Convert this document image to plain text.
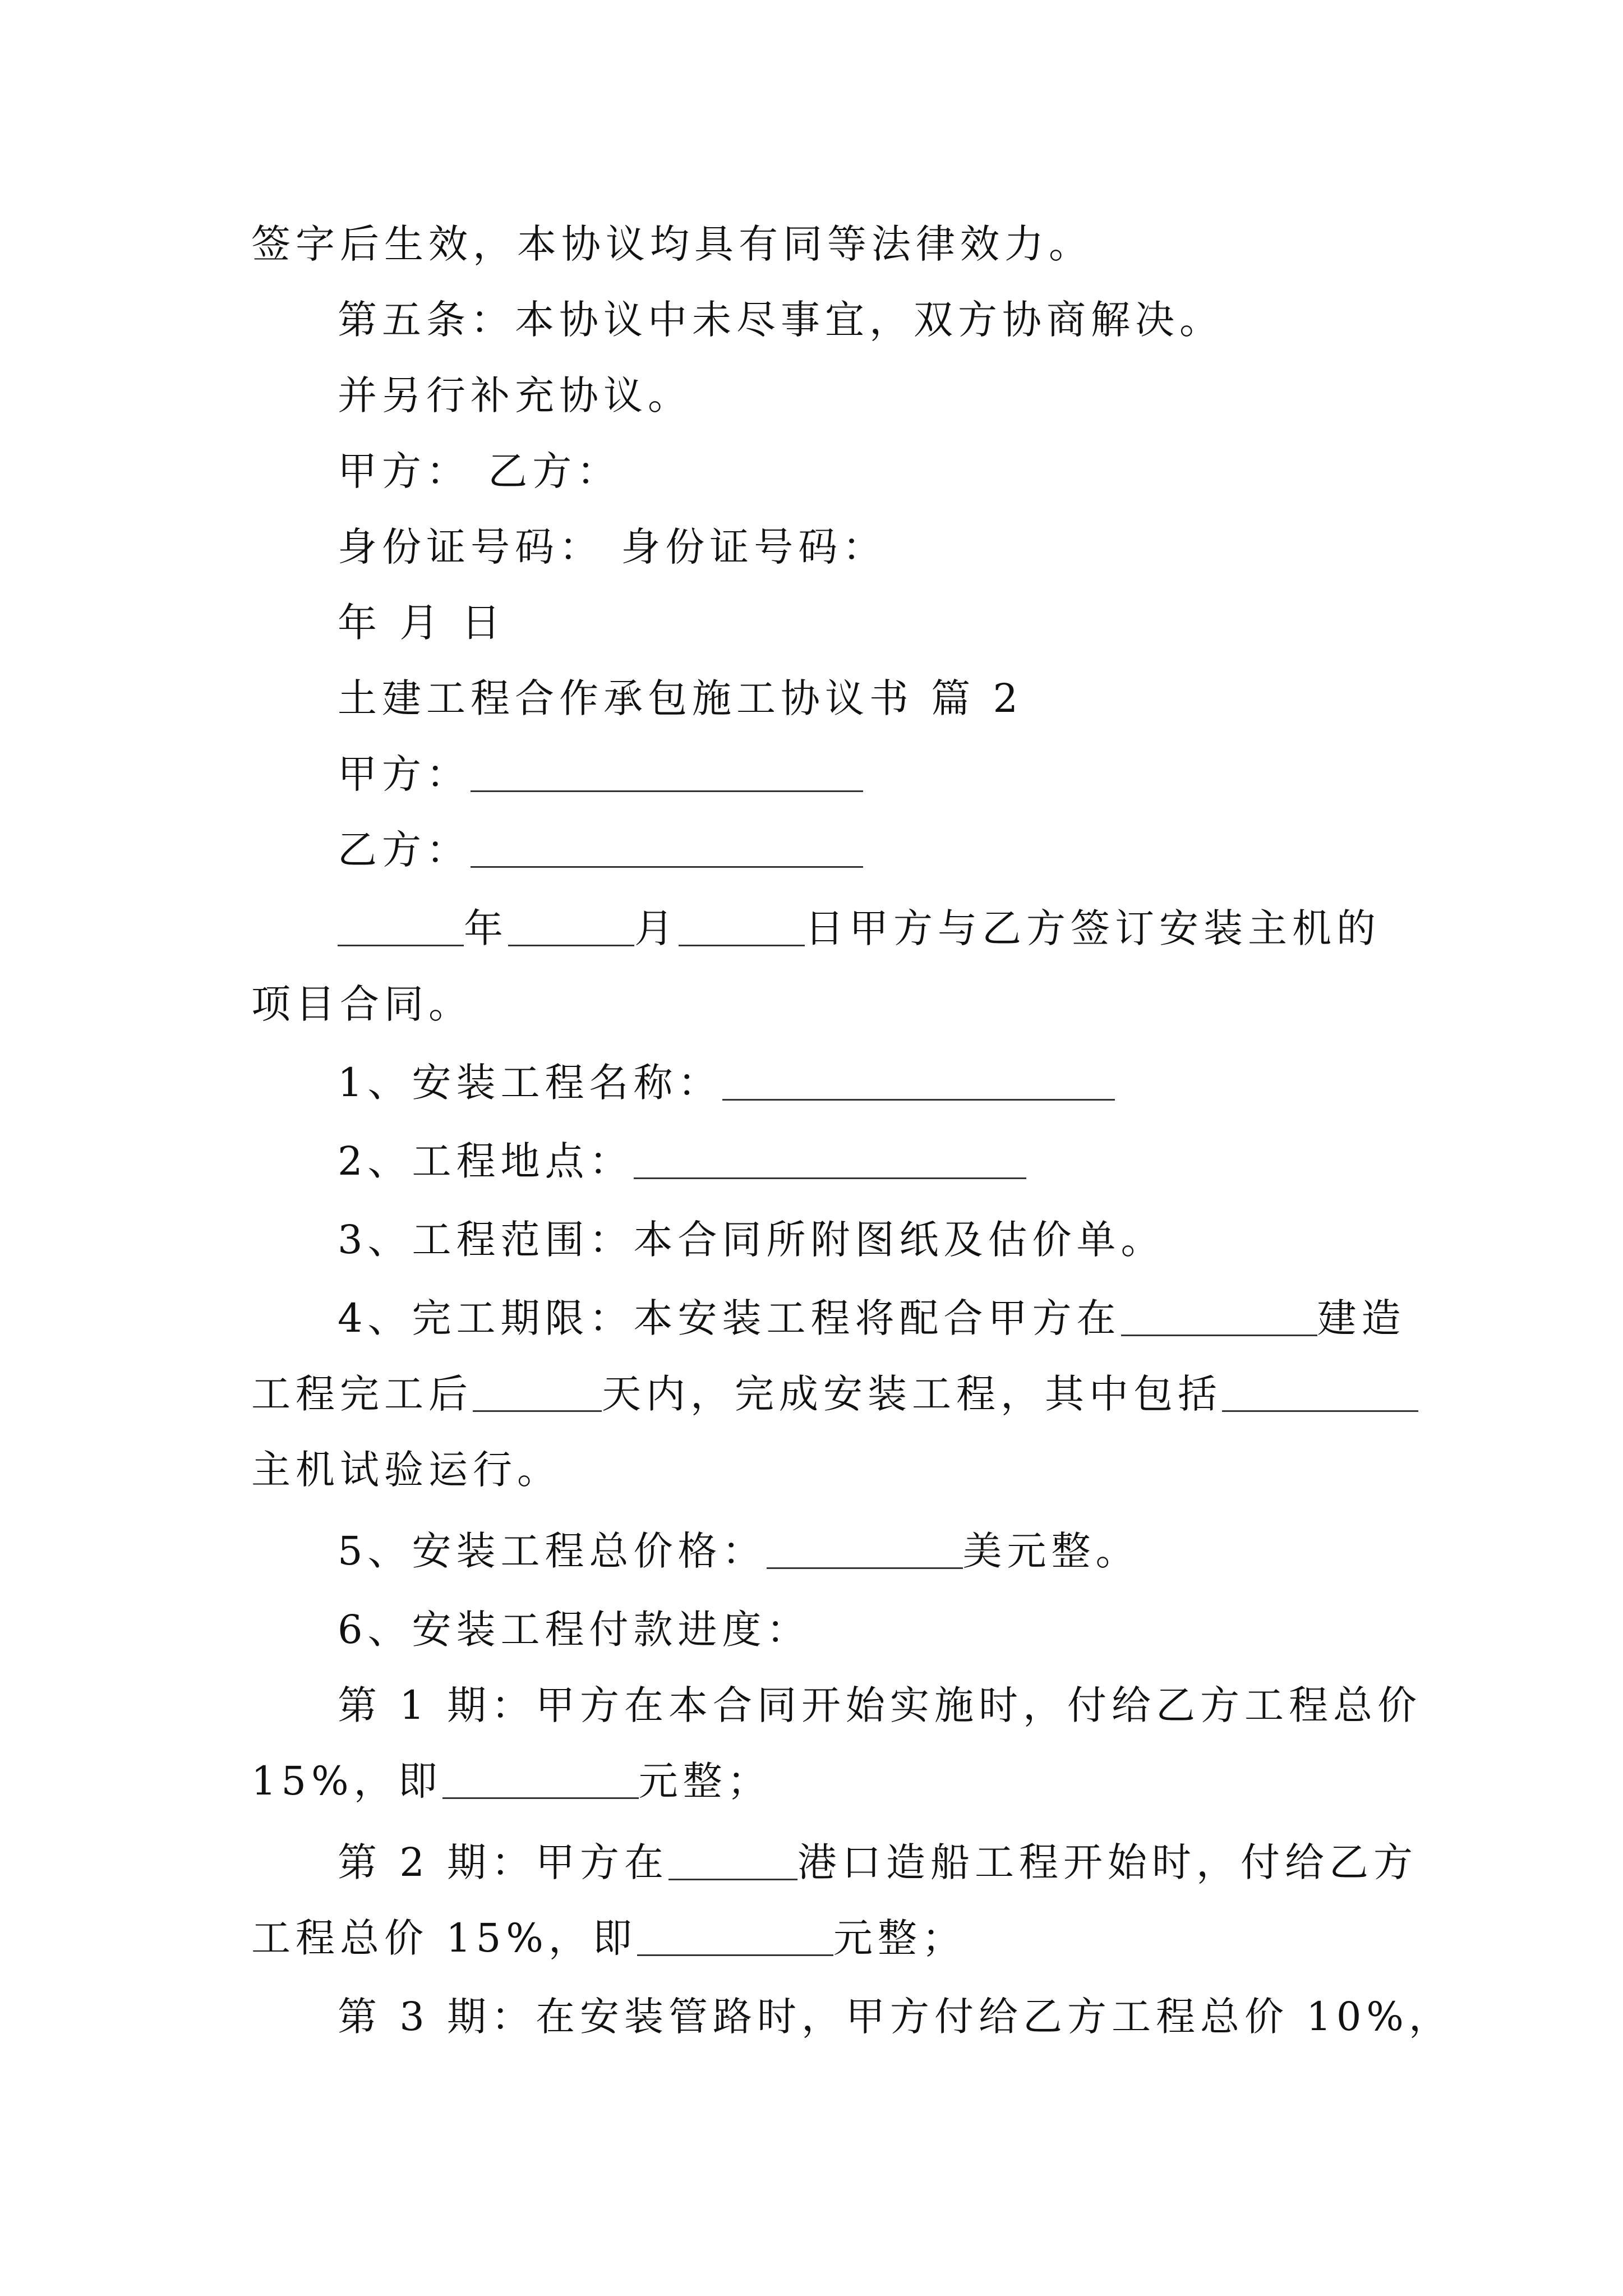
签字后生效，本协议均具有同等法律效力。
第五条：本协议中未尽事宜，双方协商解决。
并另行补充协议。
甲方： 乙方：
身份证号码： 身份证号码：
年 月 日
土建工程合作承包施工协议书 篇 2
甲方：
乙方：
年	月	日甲方与乙方签订安装主机的
项目合同。
1、安装工程名称：
2、工程地点：
3、工程范围：本合同所附图纸及估价单。
4、完工期限：本安装工程将配合甲方在	建造
工程完工后	天内，完成安装工程，其中包括
主机试验运行。
5、安装工程总价格：	美元整。
6、安装工程付款进度：
第 1 期：甲方在本合同开始实施时，付给乙方工程总价
15%，即	元整；
第 2 期：甲方在	港口造船工程开始时，付给乙方
工程总价 15%，即	元整；
第 3 期：在安装管路时，甲方付给乙方工程总价 10%，
